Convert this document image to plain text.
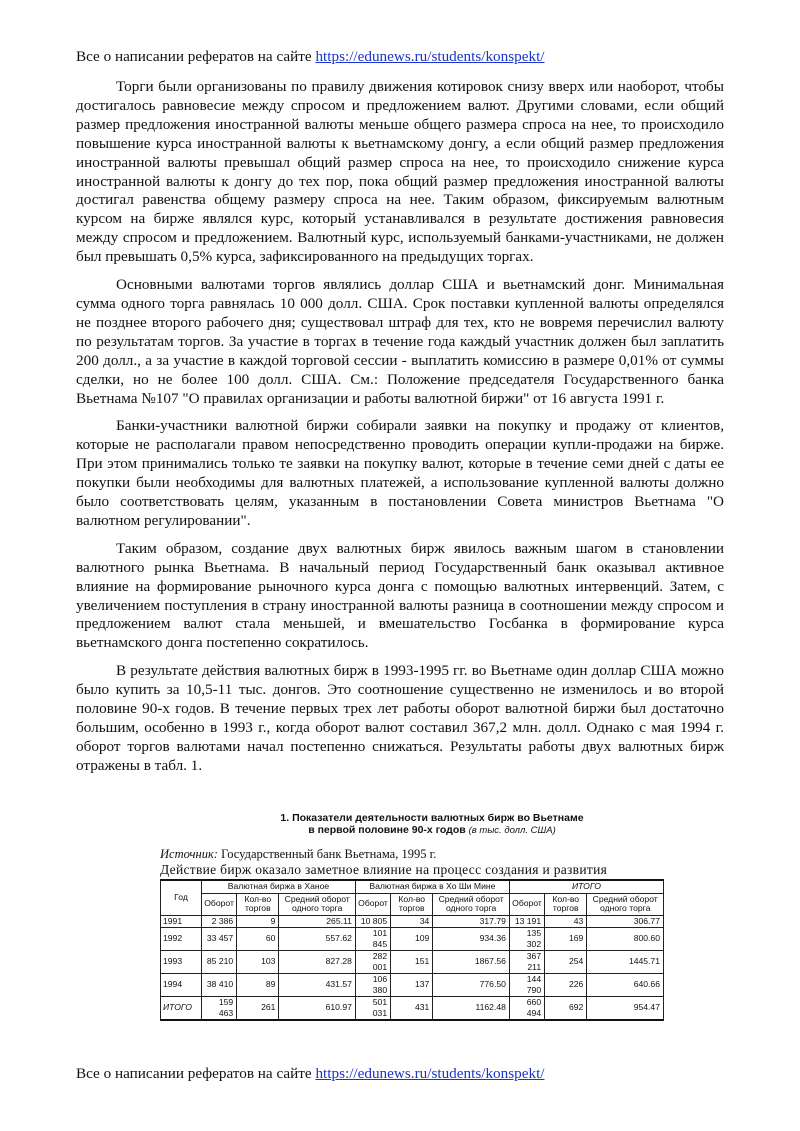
Все о написании рефератов на сайте https://edunews.ru/students/konspekt/

Торги были организованы по правилу движения котировок снизу вверх или наоборот, чтобы достигалось равновесие между спросом и предложением валют. Другими словами, если общий размер предложения иностранной валюты меньше общего размера спроса на нее, то происходило повышение курса иностранной валюты к вьетнамскому донгу, а если общий размер предложения иностранной валюты превышал общий размер спроса на нее, то происходило снижение курса иностранной валюты к донгу до тех пор, пока общий размер предложения иностранной валюты достигал равенства общему размеру спроса на нее. Таким образом, фиксируемым валютным курсом на бирже являлся курс, который устанавливался в результате достижения равновесия между спросом и предложением. Валютный курс, используемый банками-участниками, не должен был превышать 0,5% курса, зафиксированного на предыдущих торгах.

Основными валютами торгов являлись доллар США и вьетнамский донг. Минимальная сумма одного торга равнялась 10 000 долл. США. Срок поставки купленной валюты определялся не позднее второго рабочего дня; существовал штраф для тех, кто не вовремя перечислил валюту по результатам торгов. За участие в торгах в течение года каждый участник должен был заплатить 200 долл., а за участие в каждой торговой сессии - выплатить комиссию в размере 0,01% от суммы сделки, но не более 100 долл. США. См.: Положение председателя Государственного банка Вьетнама №107 "О правилах организации и работы валютной биржи" от 16 августа 1991 г.

Банки-участники валютной биржи собирали заявки на покупку и продажу от клиентов, которые не располагали правом непосредственно проводить операции купли-продажи на бирже. При этом принимались только те заявки на покупку валют, которые в течение семи дней с даты ее покупки были необходимы для валютных платежей, а использование купленной валюты должно было соответствовать целям, указанным в постановлении Совета министров Вьетнама "О валютном регулировании".

Таким образом, создание двух валютных бирж явилось важным шагом в становлении валютного рынка Вьетнама. В начальный период Государственный банк оказывал активное влияние на формирование рыночного курса донга с помощью валютных интервенций. Затем, с увеличением поступления в страну иностранной валюты разница в соотношении между спросом и предложением валют стала меньшей, и вмешательство Госбанка в формирование курса вьетнамского донга постепенно сократилось.

В результате действия валютных бирж в 1993-1995 гг. во Вьетнаме один доллар США можно было купить за 10,5-11 тыс. донгов. Это соотношение существенно не изменилось и во второй половине 90-х годов. В течение первых трех лет работы оборот валютной биржи был достаточно большим, особенно в 1993 г., когда оборот валют составил 367,2 млн. долл. Однако с мая 1994 г. оборот торгов валютами начал постепенно снижаться. Результаты работы двух валютных бирж отражены в табл. 1.

1. Показатели деятельности валютных бирж во Вьетнаме
в первой половине 90-х годов (в тыс. долл. США)
Источник: Государственный банк Вьетнама, 1995 г.
Действие бирж оказало заметное влияние на процесс создания и развития
Год	Валютная биржа в Ханое			Валютная биржа в Хо Ши Мине			ИТОГО		
	Оборот	Кол-во торгов	Средний оборот одного торга	Оборот	Кол-во торгов	Средний оборот одного торга	Оборот	Кол-во торгов	Средний оборот одного торга
1991	2 386	9	265.11	10 805	34	317.79	13 191	43	306.77
1992	33 457	60	557.62	101 845	109	934.36	135 302	169	800.60
1993	85 210	103	827.28	282 001	151	1867.56	367 211	254	1445.71
1994	38 410	89	431.57	106 380	137	776.50	144 790	226	640.66
ИТОГО	159 463	261	610.97	501 031	431	1162.48	660 494	692	954.47
Все о написании рефератов на сайте https://edunews.ru/students/konspekt/
